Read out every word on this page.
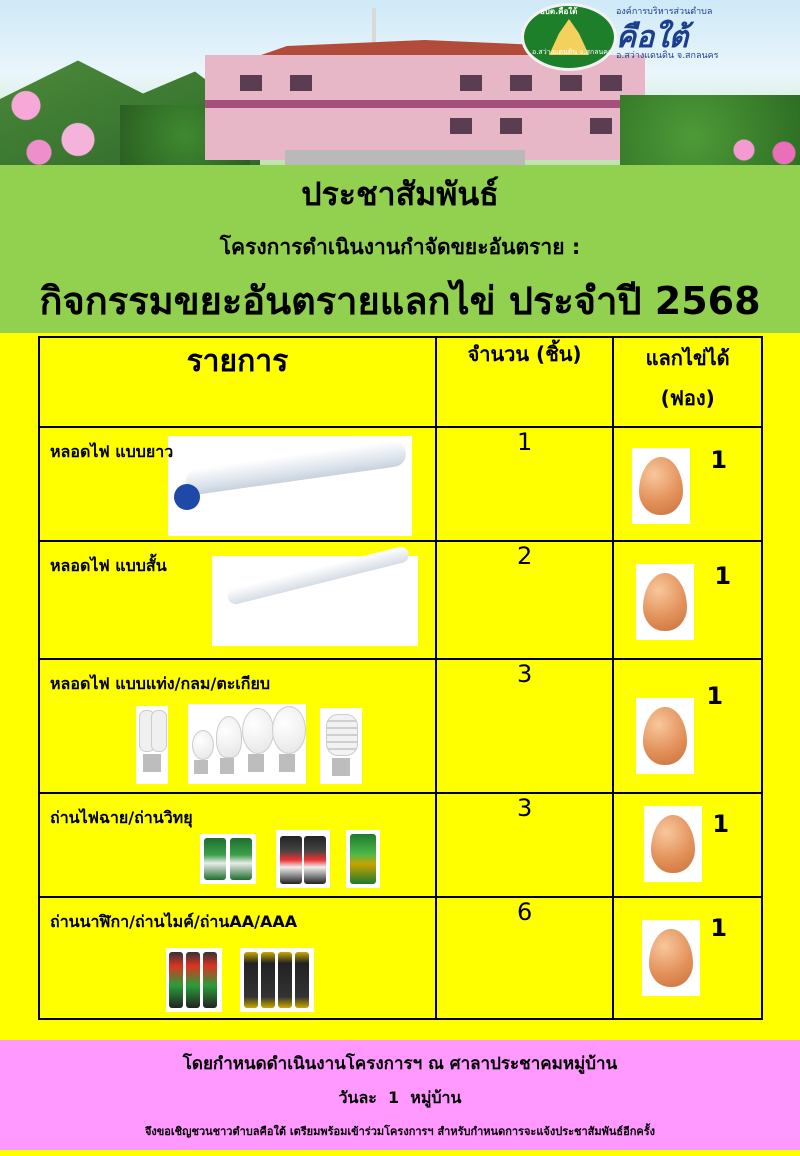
อบต.คือใต้
อ.สว่างแดนดิน จ.สกลนคร
องค์การบริหารส่วนตำบล
คือใต้
อ.สว่างแดนดิน จ.สกลนคร
ประชาสัมพันธ์
โครงการดำเนินงานกำจัดขยะอันตราย :
กิจกรรมขยะอันตรายแลกไข่ ประจำปี 2568
รายการ	จำนวน (ชิ้น)	แลกไข่ได้
(ฟอง)

หลอดไฟ แบบยาว	1	1

หลอดไฟ แบบสั้น	2	1

หลอดไฟ แบบแท่ง/กลม/ตะเกียบ	3	1

ถ่านไฟฉาย/ถ่านวิทยุ	3	1

ถ่านนาฬิกา/ถ่านไมค์/ถ่านAA/AAA	6	1
โดยกำหนดดำเนินงานโครงการฯ ณ ศาลาประชาคมหมู่บ้าน
วันละ  1  หมู่บ้าน
จึงขอเชิญชวนชาวตำบลคือใต้ เตรียมพร้อมเข้าร่วมโครงการฯ สำหรับกำหนดการจะแจ้งประชาสัมพันธ์อีกครั้ง
